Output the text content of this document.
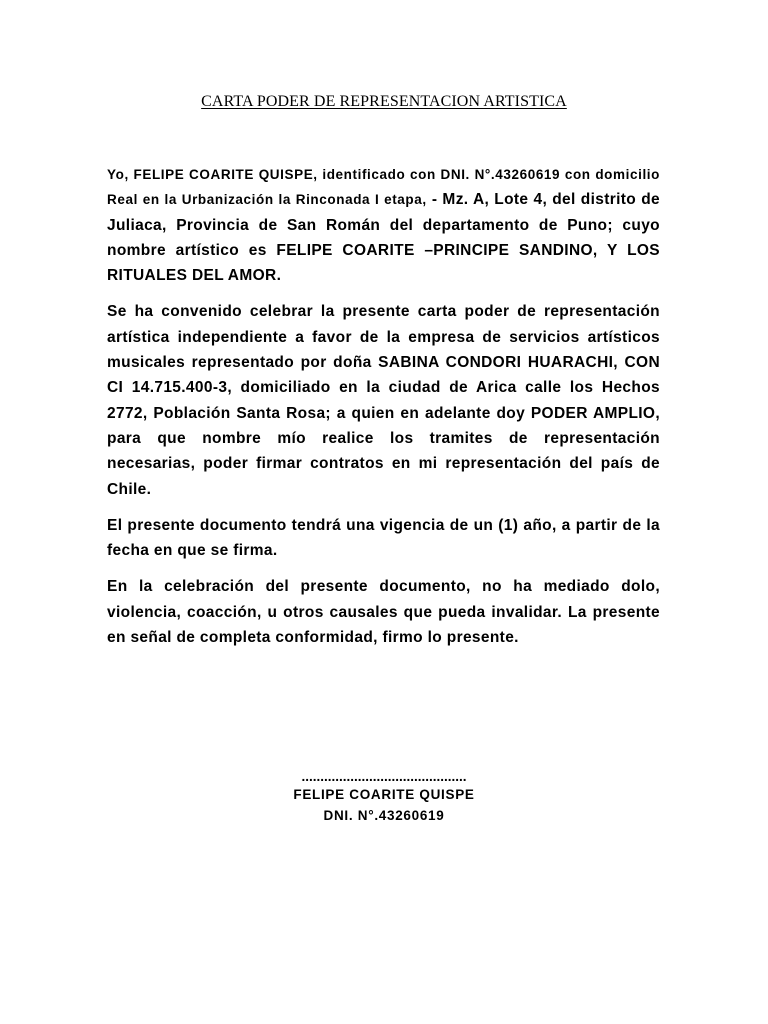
CARTA PODER DE REPRESENTACION ARTISTICA

Yo, FELIPE COARITE QUISPE, identificado con DNI. N°.43260619 con domicilio Real en la Urbanización la Rinconada I etapa, - Mz. A, Lote 4, del distrito de Juliaca, Provincia de San Román del departamento de Puno; cuyo nombre artístico es FELIPE COARITE –PRINCIPE SANDINO, Y LOS RITUALES DEL AMOR.

Se ha convenido celebrar la presente carta poder de representación artística independiente a favor de la empresa de servicios artísticos musicales representado por doña SABINA CONDORI HUARACHI, CON CI 14.715.400-3, domiciliado en la ciudad de Arica calle los Hechos 2772, Población Santa Rosa; a quien en adelante doy PODER AMPLIO, para que nombre mío realice los tramites de representación necesarias, poder firmar contratos en mi representación del país de Chile.

El presente documento tendrá una vigencia de un (1) año, a partir de la fecha en que se firma.

En la celebración del presente documento, no ha mediado dolo, violencia, coacción, u otros causales que pueda invalidar. La presente en señal de completa conformidad, firmo lo presente.

............................................
FELIPE COARITE QUISPE
DNI. N°.43260619
